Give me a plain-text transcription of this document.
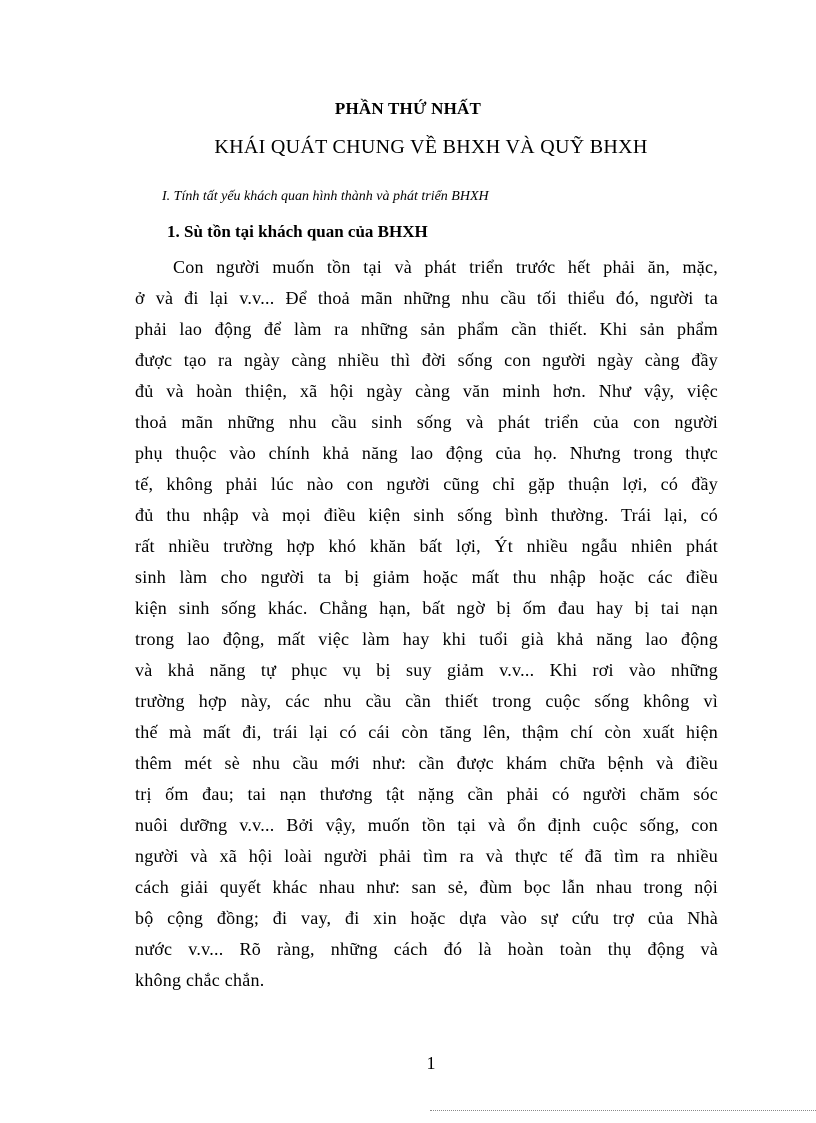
PHẦN THỨ NHẤT
KHÁI QUÁT CHUNG VỀ BHXH VÀ QUỸ BHXH
I. Tính tất yếu khách quan hình thành và phát triển BHXH
1. Sù tồn tại khách quan của BHXH
Con người muốn tồn tại và phát triển trước hết phải ăn, mặc,
ở và đi lại v.v... Để thoả mãn những nhu cầu tối thiểu đó, người ta
phải lao động để làm ra những sản phẩm cần thiết. Khi sản phẩm
được tạo ra ngày càng nhiều thì đời sống con người ngày càng đầy
đủ và hoàn thiện, xã hội ngày càng văn minh hơn. Như vậy, việc
thoả mãn những nhu cầu sinh sống và phát triển của con người
phụ thuộc vào chính khả năng lao động của họ. Nhưng trong thực
tế, không phải lúc nào con người cũng chỉ gặp thuận lợi, có đầy
đủ thu nhập và mọi điều kiện sinh sống bình thường. Trái lại, có
rất nhiều trường hợp khó khăn bất lợi, Ýt nhiều ngẫu nhiên phát
sinh làm cho người ta bị giảm hoặc mất thu nhập hoặc các điều
kiện sinh sống khác. Chẳng hạn, bất ngờ bị ốm đau hay bị tai nạn
trong lao động, mất việc làm hay khi tuổi già khả năng lao động
và khả năng tự phục vụ bị suy giảm v.v... Khi rơi vào những
trường hợp này, các nhu cầu cần thiết trong cuộc sống không vì
thế mà mất đi, trái lại có cái còn tăng lên, thậm chí còn xuất hiện
thêm mét sè nhu cầu mới như: cần được khám chữa bệnh và điều
trị ốm đau; tai nạn thương tật nặng cần phải có người chăm sóc
nuôi dưỡng v.v... Bởi vậy, muốn tồn tại và ổn định cuộc sống, con
người và xã hội loài người phải tìm ra và thực tế đã tìm ra nhiều
cách giải quyết khác nhau như: san sẻ, đùm bọc lẫn nhau trong nội
bộ cộng đồng; đi vay, đi xin hoặc dựa vào sự cứu trợ của Nhà
nước v.v... Rõ ràng, những cách đó là hoàn toàn thụ động và
không chắc chắn.
1
